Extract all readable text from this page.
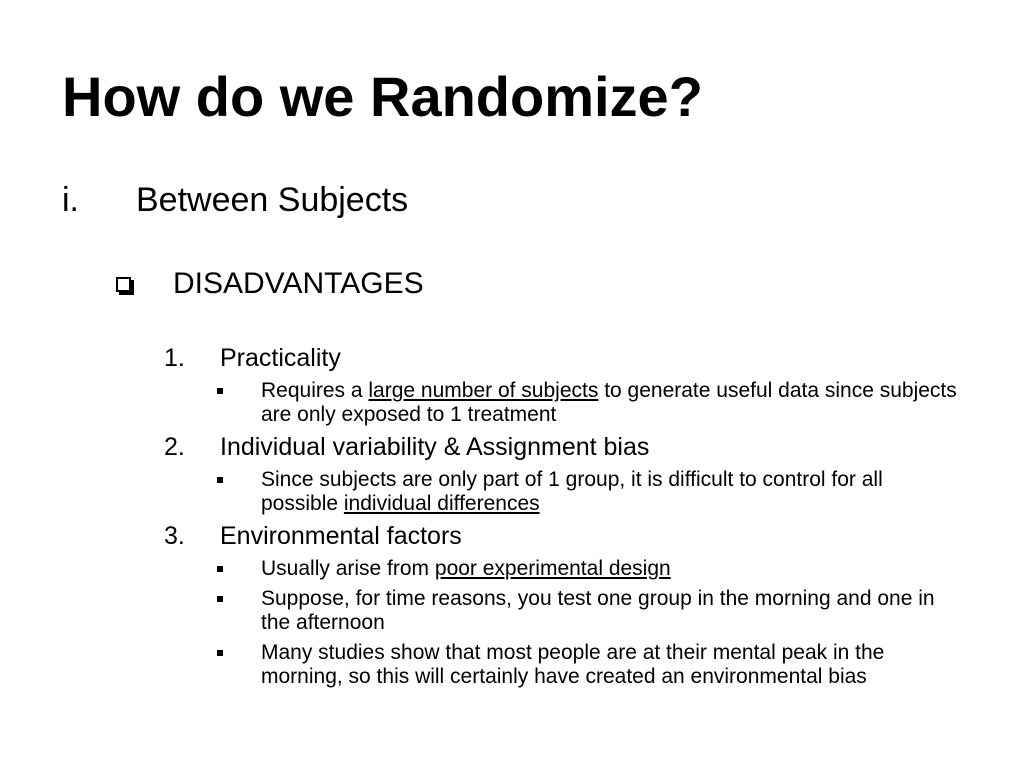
How do we Randomize?
i. Between Subjects
DISADVANTAGES
1.	Practicality
Requires a large number of subjects to generate useful data since subjects are only exposed to 1 treatment
2.	Individual variability & Assignment bias
Since subjects are only part of 1 group, it is difficult to control for all possible individual differences
3.	Environmental factors
Usually arise from poor experimental design
Suppose, for time reasons, you test one group in the morning and one in the afternoon
Many studies show that most people are at their mental peak in the morning, so this will certainly have created an environmental bias
